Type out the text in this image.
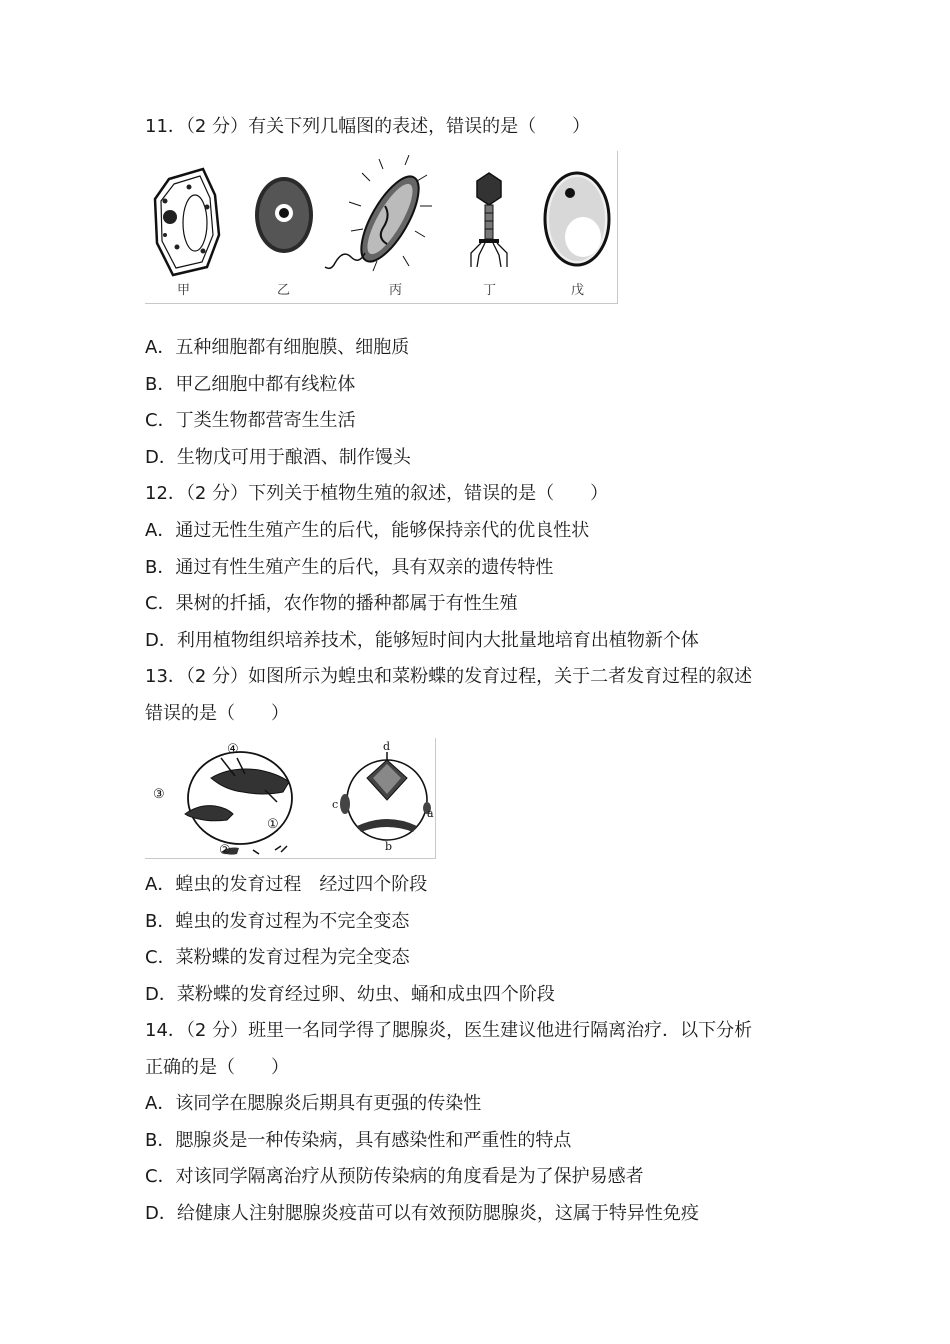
11．（2 分）有关下列几幅图的表述，错误的是（　　）
甲	乙	丙	丁	戊
A．五种细胞都有细胞膜、细胞质
B．甲乙细胞中都有线粒体
C．丁类生物都营寄生生活
D．生物戊可用于酿酒、制作馒头
12．（2 分）下列关于植物生殖的叙述，错误的是（　　）
A．通过无性生殖产生的后代，能够保持亲代的优良性状
B．通过有性生殖产生的后代，具有双亲的遗传特性
C．果树的扦插，农作物的播种都属于有性生殖
D．利用植物组织培养技术，能够短时间内大批量地培育出植物新个体
13．（2 分）如图所示为蝗虫和菜粉蝶的发育过程，关于二者发育过程的叙述
错误的是（　　）
④
③
①
②
d
c
a
b
A．蝗虫的发育过程　经过四个阶段
B．蝗虫的发育过程为不完全变态
C．菜粉蝶的发育过程为完全变态
D．菜粉蝶的发育经过卵、幼虫、蛹和成虫四个阶段
14．（2 分）班里一名同学得了腮腺炎，医生建议他进行隔离治疗．以下分析
正确的是（　　）
A．该同学在腮腺炎后期具有更强的传染性
B．腮腺炎是一种传染病，具有感染性和严重性的特点
C．对该同学隔离治疗从预防传染病的角度看是为了保护易感者
D．给健康人注射腮腺炎疫苗可以有效预防腮腺炎，这属于特异性免疫
